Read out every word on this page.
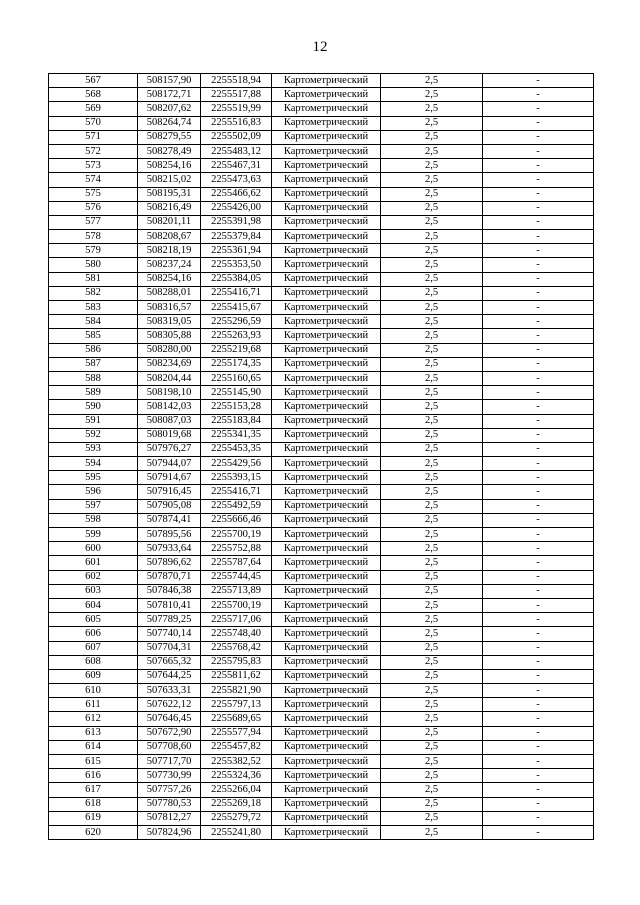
12
567	508157,90	2255518,94	Картометрический	2,5	-
568	508172,71	2255517,88	Картометрический	2,5	-
569	508207,62	2255519,99	Картометрический	2,5	-
570	508264,74	2255516,83	Картометрический	2,5	-
571	508279,55	2255502,09	Картометрический	2,5	-
572	508278,49	2255483,12	Картометрический	2,5	-
573	508254,16	2255467,31	Картометрический	2,5	-
574	508215,02	2255473,63	Картометрический	2,5	-
575	508195,31	2255466,62	Картометрический	2,5	-
576	508216,49	2255426,00	Картометрический	2,5	-
577	508201,11	2255391,98	Картометрический	2,5	-
578	508208,67	2255379,84	Картометрический	2,5	-
579	508218,19	2255361,94	Картометрический	2,5	-
580	508237,24	2255353,50	Картометрический	2,5	-
581	508254,16	2255384,05	Картометрический	2,5	-
582	508288,01	2255416,71	Картометрический	2,5	-
583	508316,57	2255415,67	Картометрический	2,5	-
584	508319,05	2255296,59	Картометрический	2,5	-
585	508305,88	2255263,93	Картометрический	2,5	-
586	508280,00	2255219,68	Картометрический	2,5	-
587	508234,69	2255174,35	Картометрический	2,5	-
588	508204,44	2255160,65	Картометрический	2,5	-
589	508198,10	2255145,90	Картометрический	2,5	-
590	508142,03	2255153,28	Картометрический	2,5	-
591	508087,03	2255183,84	Картометрический	2,5	-
592	508019,68	2255341,35	Картометрический	2,5	-
593	507976,27	2255453,35	Картометрический	2,5	-
594	507944,07	2255429,56	Картометрический	2,5	-
595	507914,67	2255393,15	Картометрический	2,5	-
596	507916,45	2255416,71	Картометрический	2,5	-
597	507905,08	2255492,59	Картометрический	2,5	-
598	507874,41	2255666,46	Картометрический	2,5	-
599	507895,56	2255700,19	Картометрический	2,5	-
600	507933,64	2255752,88	Картометрический	2,5	-
601	507896,62	2255787,64	Картометрический	2,5	-
602	507870,71	2255744,45	Картометрический	2,5	-
603	507846,38	2255713,89	Картометрический	2,5	-
604	507810,41	2255700,19	Картометрический	2,5	-
605	507789,25	2255717,06	Картометрический	2,5	-
606	507740,14	2255748,40	Картометрический	2,5	-
607	507704,31	2255768,42	Картометрический	2,5	-
608	507665,32	2255795,83	Картометрический	2,5	-
609	507644,25	2255811,62	Картометрический	2,5	-
610	507633,31	2255821,90	Картометрический	2,5	-
611	507622,12	2255797,13	Картометрический	2,5	-
612	507646,45	2255689,65	Картометрический	2,5	-
613	507672,90	2255577,94	Картометрический	2,5	-
614	507708,60	2255457,82	Картометрический	2,5	-
615	507717,70	2255382,52	Картометрический	2,5	-
616	507730,99	2255324,36	Картометрический	2,5	-
617	507757,26	2255266,04	Картометрический	2,5	-
618	507780,53	2255269,18	Картометрический	2,5	-
619	507812,27	2255279,72	Картометрический	2,5	-
620	507824,96	2255241,80	Картометрический	2,5	-
